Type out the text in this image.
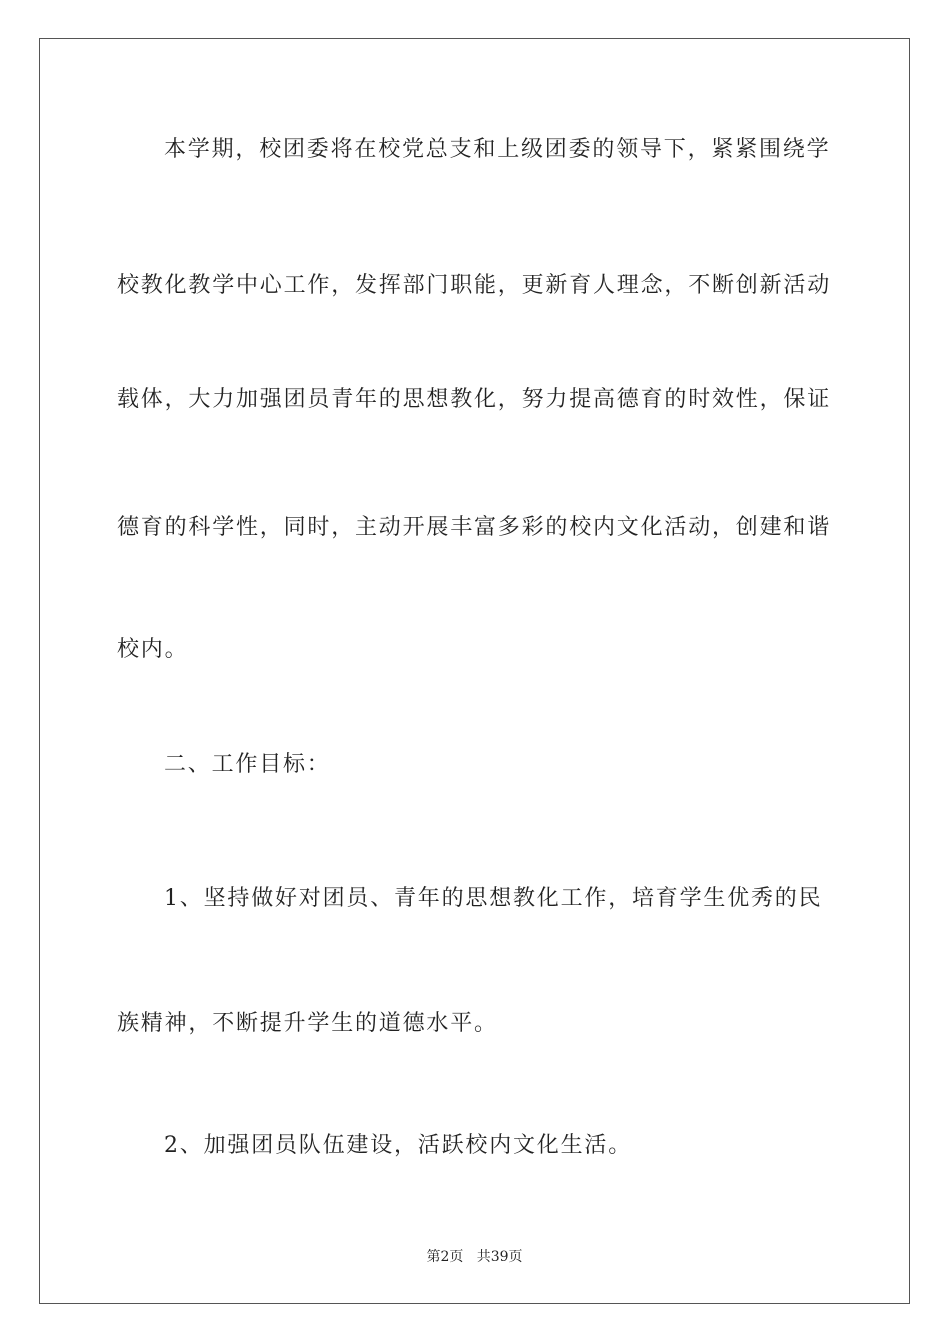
本学期，校团委将在校党总支和上级团委的领导下，紧紧围绕学
校教化教学中心工作，发挥部门职能，更新育人理念，不断创新活动
载体，大力加强团员青年的思想教化，努力提高德育的时效性，保证
德育的科学性，同时，主动开展丰富多彩的校内文化活动，创建和谐
校内。
二、工作目标：
1、坚持做好对团员、青年的思想教化工作，培育学生优秀的民
族精神，不断提升学生的道德水平。
2、加强团员队伍建设，活跃校内文化生活。
第2页   共39页
